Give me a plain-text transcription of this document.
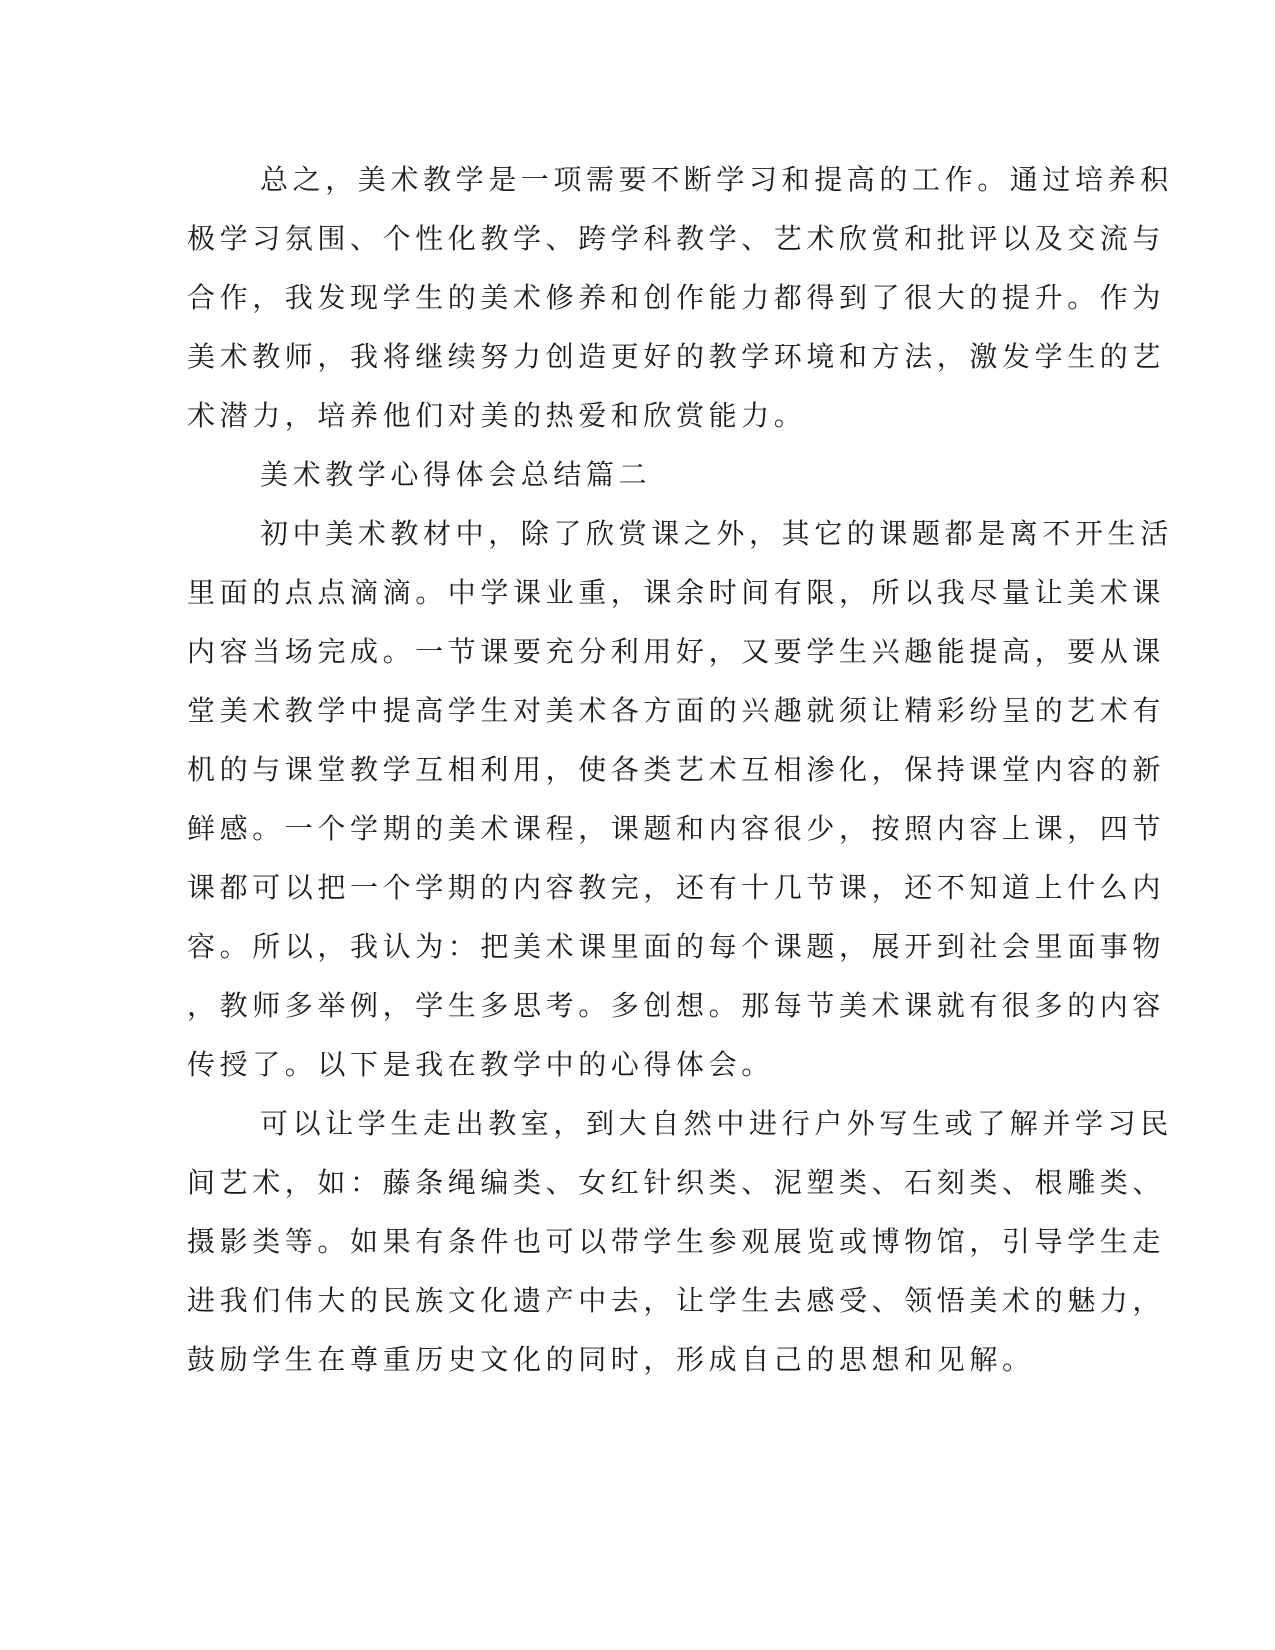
总之，美术教学是一项需要不断学习和提高的工作。通过培养积
极学习氛围、个性化教学、跨学科教学、艺术欣赏和批评以及交流与
合作，我发现学生的美术修养和创作能力都得到了很大的提升。作为
美术教师，我将继续努力创造更好的教学环境和方法，激发学生的艺
术潜力，培养他们对美的热爱和欣赏能力。
美术教学心得体会总结篇二
初中美术教材中，除了欣赏课之外，其它的课题都是离不开生活
里面的点点滴滴。中学课业重，课余时间有限，所以我尽量让美术课
内容当场完成。一节课要充分利用好，又要学生兴趣能提高，要从课
堂美术教学中提高学生对美术各方面的兴趣就须让精彩纷呈的艺术有
机的与课堂教学互相利用，使各类艺术互相渗化，保持课堂内容的新
鲜感。一个学期的美术课程，课题和内容很少，按照内容上课，四节
课都可以把一个学期的内容教完，还有十几节课，还不知道上什么内
容。所以，我认为：把美术课里面的每个课题，展开到社会里面事物
，教师多举例，学生多思考。多创想。那每节美术课就有很多的内容
传授了。以下是我在教学中的心得体会。
可以让学生走出教室，到大自然中进行户外写生或了解并学习民
间艺术，如：藤条绳编类、女红针织类、泥塑类、石刻类、根雕类、
摄影类等。如果有条件也可以带学生参观展览或博物馆，引导学生走
进我们伟大的民族文化遗产中去，让学生去感受、领悟美术的魅力，
鼓励学生在尊重历史文化的同时，形成自己的思想和见解。
